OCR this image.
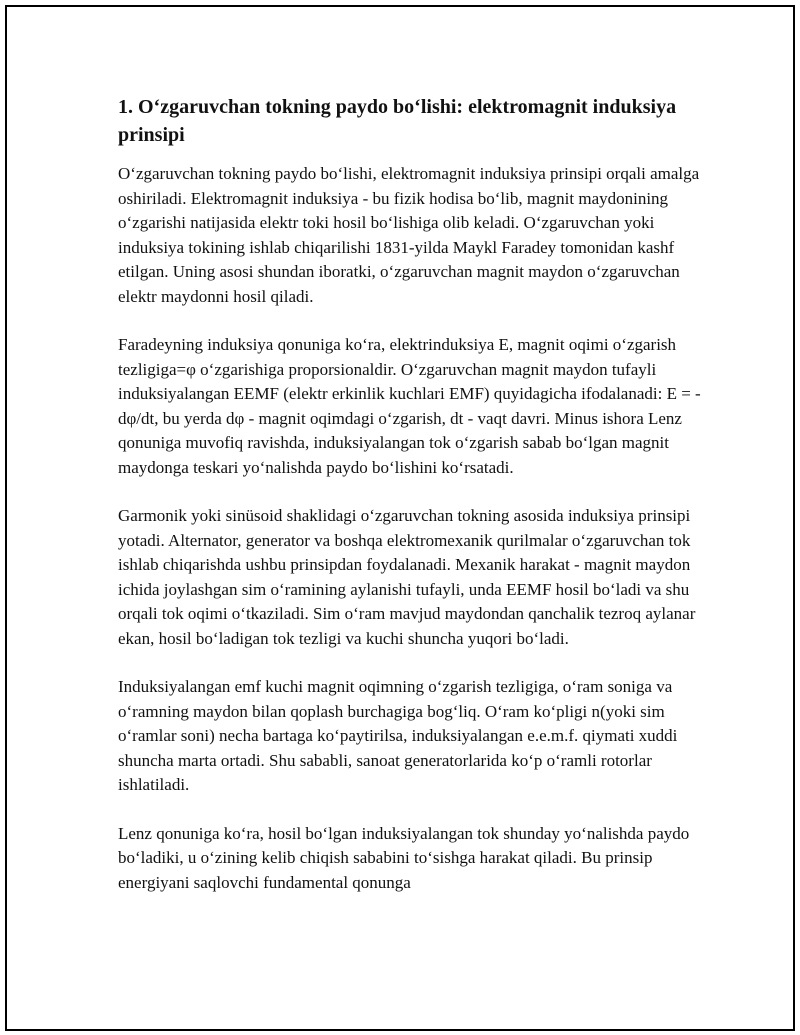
1. O‘zgaruvchan tokning paydo bo‘lishi: elektromagnit induksiya prinsipi

O‘zgaruvchan tokning paydo bo‘lishi, elektromagnit induksiya prinsipi orqali amalga oshiriladi. Elektromagnit induksiya - bu fizik hodisa bo‘lib, magnit maydonining o‘zgarishi natijasida elektr toki hosil bo‘lishiga olib keladi. O‘zgaruvchan yoki induksiya tokining ishlab chiqarilishi 1831-yilda Maykl Faradey tomonidan kashf etilgan. Uning asosi shundan iboratki, o‘zgaruvchan magnit maydon o‘zgaruvchan elektr maydonni hosil qiladi.

Faradeyning induksiya qonuniga ko‘ra, elektrinduksiya E, magnit oqimi o‘zgarish tezligiga=φ o‘zgarishiga proporsionaldir. O‘zgaruvchan magnit maydon tufayli induksiyalangan EEMF (elektr erkinlik kuchlari EMF) quyidagicha ifodalanadi: E = -dφ/dt, bu yerda dφ - magnit oqimdagi o‘zgarish, dt - vaqt davri. Minus ishora Lenz qonuniga muvofiq ravishda, induksiyalangan tok o‘zgarish sabab bo‘lgan magnit maydonga teskari yo‘nalishda paydo bo‘lishini ko‘rsatadi.

Garmonik yoki sinüsoid shaklidagi o‘zgaruvchan tokning asosida induksiya prinsipi yotadi. Alternator, generator va boshqa elektromexanik qurilmalar o‘zgaruvchan tok ishlab chiqarishda ushbu prinsipdan foydalanadi. Mexanik harakat - magnit maydon ichida joylashgan sim o‘ramining aylanishi tufayli, unda EEMF hosil bo‘ladi va shu orqali tok oqimi o‘tkaziladi. Sim o‘ram mavjud maydondan qanchalik tezroq aylanar ekan, hosil bo‘ladigan tok tezligi va kuchi shuncha yuqori bo‘ladi.

Induksiyalangan emf kuchi magnit oqimning o‘zgarish tezligiga, o‘ram soniga va o‘ramning maydon bilan qoplash burchagiga bog‘liq. O‘ram ko‘pligi n(yoki sim o‘ramlar soni) necha bartaga ko‘paytirilsa, induksiyalangan e.e.m.f. qiymati xuddi shuncha marta ortadi. Shu sababli, sanoat generatorlarida ko‘p o‘ramli rotorlar ishlatiladi.

Lenz qonuniga ko‘ra, hosil bo‘lgan induksiyalangan tok shunday yo‘nalishda paydo bo‘ladiki, u o‘zining kelib chiqish sababini to‘sishga harakat qiladi. Bu prinsip energiyani saqlovchi fundamental qonunga
